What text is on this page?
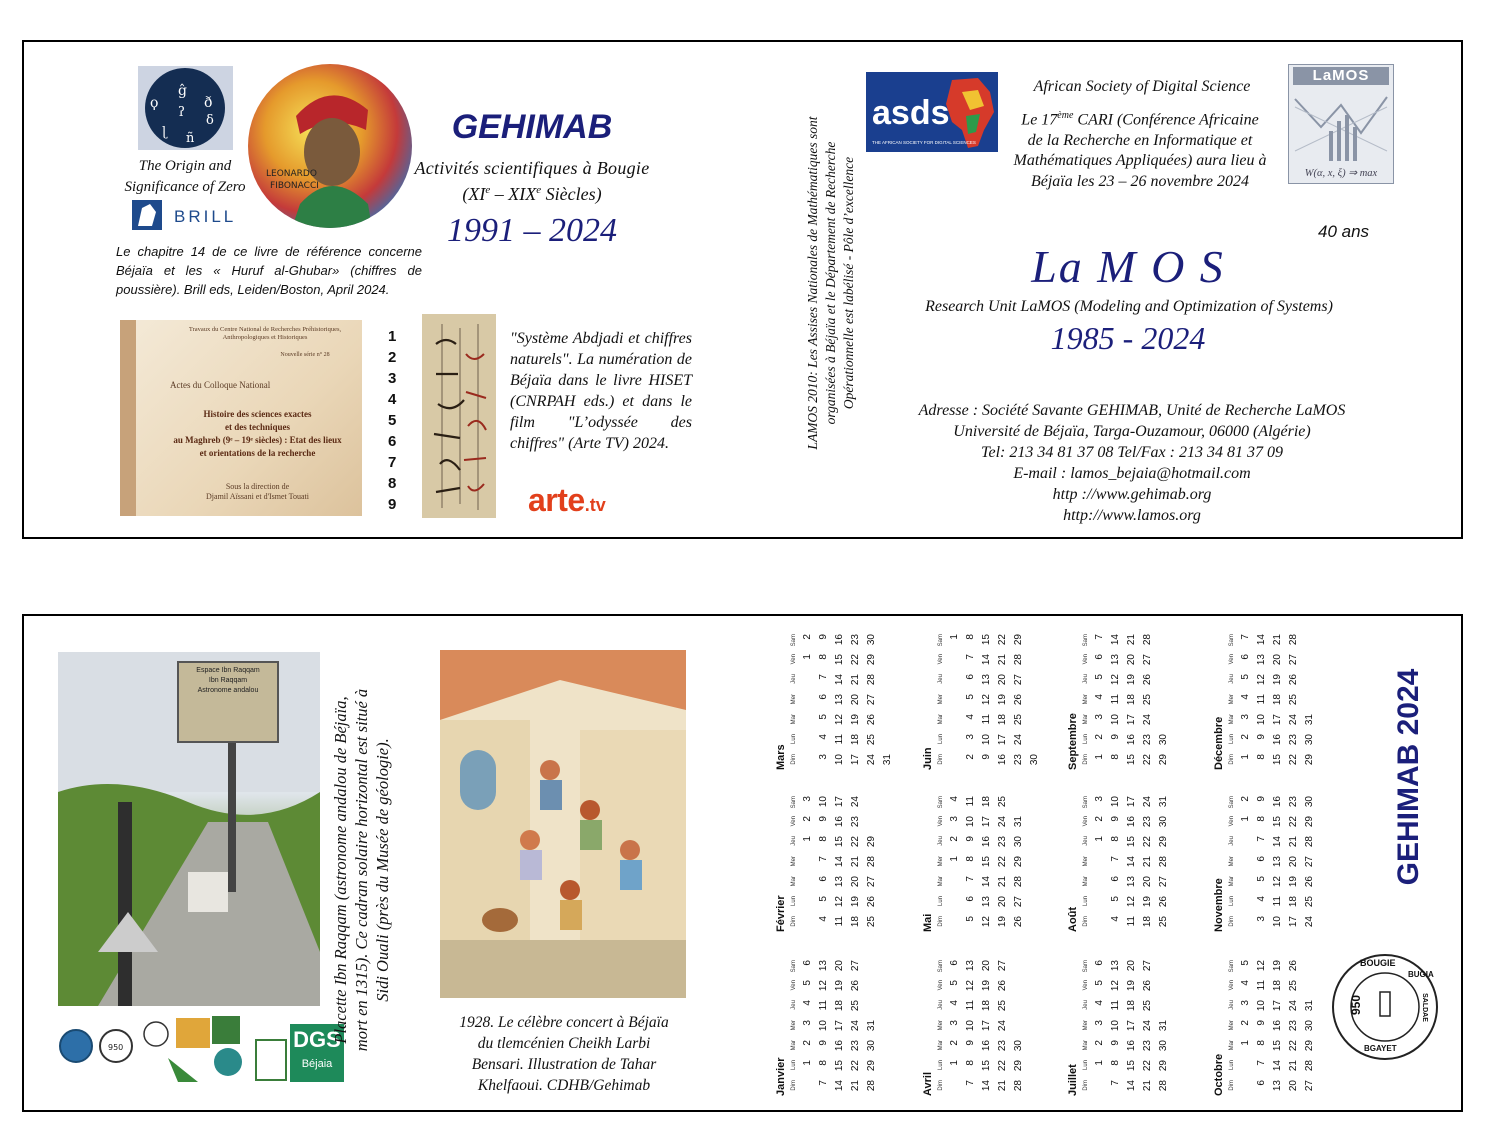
ϙ
ĝ
ð
ʔ
δ
ɭ ñ
The Origin and
Significance of Zero
BRILL
Le chapitre 14 de ce livre de référence concerne Béjaïa et les « Huruf al-Ghubar» (chiffres de poussière). Brill eds, Leiden/Boston, April 2024.
LEONARDO
FIBONACCI
GEHIMAB
Activités scientifiques à Bougie
(XIe – XIXe Siècles)
1991 – 2024
Travaux du Centre National de Recherches Préhistoriques, Anthropologiques et Historiques
Nouvelle série n° 28
Actes du Colloque National
Histoire des sciences exactes
et des techniques
au Maghreb (9ᵉ – 19ᵉ siècles) : Etat des lieux
et orientations de la recherche
Sous la direction de
Djamil Aïssani et d'Ismet Touati
1
2
3
4
5
6
7
8
9
"Système Abdjadi et chiffres naturels". La numération de Béjaïa dans le livre HISET (CNRPAH eds.) et dans le film "L’odyssée des chiffres" (Arte TV) 2024.
arte.tv
LAMOS 2010: Les Assises Nationales de Mathématiques sont organisées à Béjaïa et le Département de Recherche Opérationnelle est labélisé - Pôle d’excellence
asds
THE AFRICAN SOCIETY FOR DIGITAL SCIENCES
African Society of Digital Science
Le 17ème CARI (Conférence Africaine de la Recherche en Informatique et Mathématiques Appliquées) aura lieu à Béjaïa les 23 – 26 novembre 2024
LaMOS
W(α, x, ξ) ⇒ max
40 ans
La M O S
Research Unit LaMOS (Modeling and Optimization of Systems)
1985 - 2024
Adresse : Société Savante GEHIMAB, Unité de Recherche LaMOS
Université de Béjaïa, Targa-Ouzamour, 06000 (Algérie)
Tel: 213 34 81 37 08 Tel/Fax : 213 34 81 37 09
E-mail : lamos_bejaia@hotmail.com
http ://www.gehimab.org
http://www.lamos.org
Espace Ibn Raqqam
Ibn Raqqam
Astronome andalou
950	DGS
Béjaia
Placette Ibn Raqqam (astronome andalou de Béjaïa, mort en 1315). Ce cadran solaire horizontal est situé à Sidi Ouali (près du Musée de géologie).
1928. Le célèbre concert à Béjaïa
du tlemcénien Cheikh Larbi
Bensari. Illustration de Tahar
Khelfaoui. CDHB/Gehimab	Janvier Dim
Lun
Mar
Mer
Jeu
Ven
Sam
1
2
3
4
5
6
7
8
9
10
11
12
13
14
15
16
17
18
19
20
21
22
23
24
25
26
27
28
29
30
31
Février Dim
Lun
Mar
Mer
Jeu
Ven
Sam
1
2
3
4
5
6
7
8
9
10
11
12
13
14
15
16
17
18
19
20
21
22
23
24
25
26
27
28
29
Mars Dim
Lun
Mar
Mer
Jeu
Ven
Sam
1
2
3
4
5
6
7
8
9
10
11
12
13
14
15
16
17
18
19
20
21
22
23
24
25
26
27
28
29
30
31
Avril Dim
Lun
Mar
Mer
Jeu
Ven
Sam
1
2
3
4
5
6
7
8
9
10
11
12
13
14
15
16
17
18
19
20
21
22
23
24
25
26
27
28
29
30
Mai Dim
Lun
Mar
Mer
Jeu
Ven
Sam
1
2
3
4
5
6
7
8
9
10
11
12
13
14
15
16
17
18
19
20
21
22
23
24
25
26
27
28
29
30
31
Juin Dim
Lun
Mar
Mer
Jeu
Ven
Sam 1
2
3
4
5
6
7
8
9
10
11
12
13
14
15
16
17
18
19
20
21
22
23
24
25
26
27
28
29
30
Juillet Dim
Lun
Mar
Mer
Jeu
Ven
Sam
1
2
3
4
5
6
7
8
9
10
11
12
13
14
15
16
17
18
19
20
21
22
23
24
25
26
27
28
29
30
31
Août Dim
Lun
Mar
Mer
Jeu
Ven
Sam
1
2
3
4
5
6
7
8
9
10
11
12
13
14
15
16
17
18
19
20
21
22
23
24
25
26
27
28
29
30
31
Septembre Dim
Lun
Mar
Mer
Jeu
Ven
Sam
1
2
3
4
5
6
7
8
9
10
11
12
13
14
15
16
17
18
19
20
21
22
23
24
25
26
27
28
29
30
Octobre Dim
Lun
Mar
Mer
Jeu
Ven
Sam
1
2
3
4
5
6
7
8
9
10
11
12
13
14
15
16
17
18
19
20
21
22
23
24
25
26
27
28
29
30
31
Novembre Dim
Lun
Mar
Mer
Jeu
Ven
Sam
1
2
3
4
5
6
7
8
9
10
11
12
13
14
15
16
17
18
19
20
21
22
23
24
25
26
27
28
29
30
Décembre Dim
Lun
Mar
Mer
Jeu
Ven
Sam
1
2
3
4
5
6
7
8
9
10
11
12
13
14
15
16
17
18
19
20
21
22
23
24
25
26
27
28
29
30
31
BOUGIE
BUGIA
SALDAE
BGAYET
950
GEHIMAB 2024
